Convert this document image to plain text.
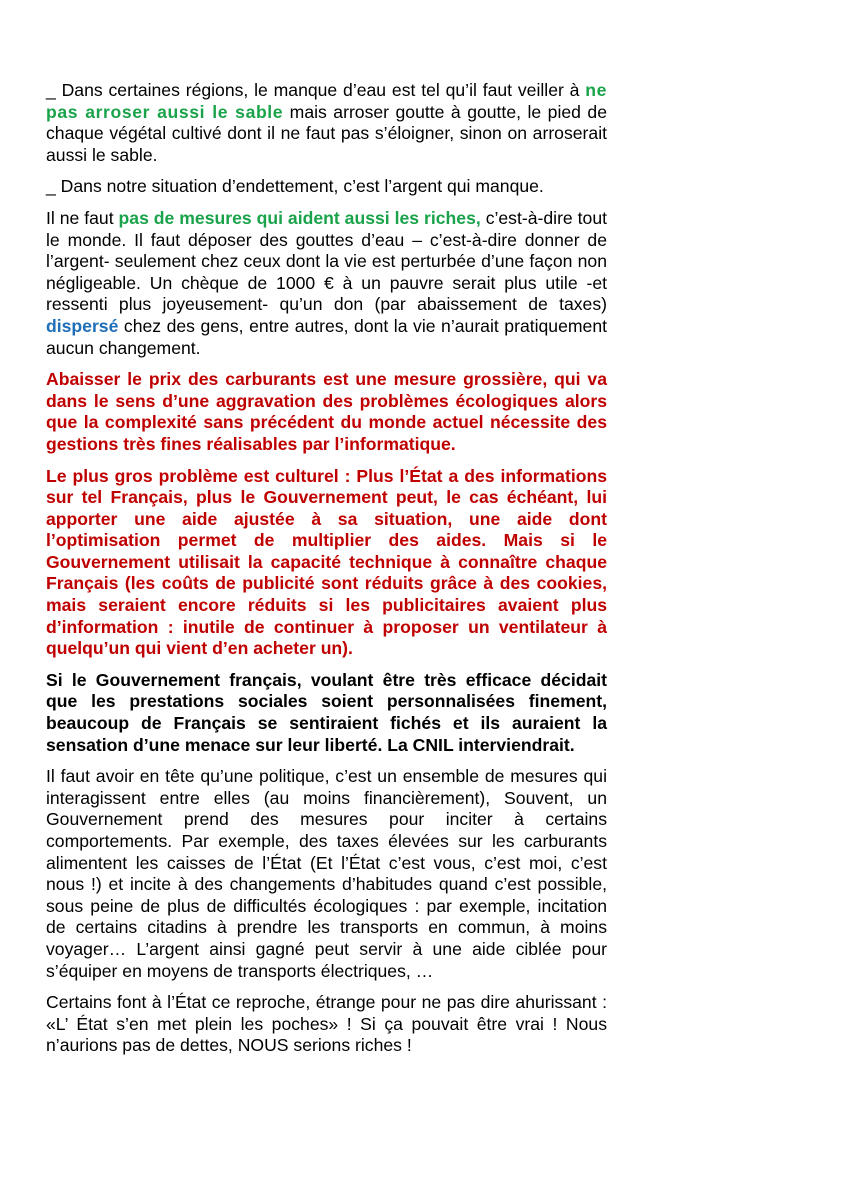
_ Dans certaines régions, le manque d’eau est tel qu’il faut veiller à ne pas arroser aussi le sable mais arroser goutte à goutte, le pied de chaque végétal cultivé dont il ne faut pas s’éloigner, sinon on arroserait aussi le sable.

_ Dans notre situation d’endettement, c’est l’argent qui manque.

Il ne faut pas de mesures qui aident aussi les riches, c’est-à-dire tout le monde. Il faut déposer des gouttes d’eau – c’est-à-dire donner de l’argent- seulement chez ceux dont la vie est perturbée d’une façon non négligeable. Un chèque de 1000 € à un pauvre serait plus utile -et ressenti plus joyeusement- qu’un don (par abaissement de taxes) dispersé chez des gens, entre autres, dont la vie n’aurait pratiquement aucun changement.

Abaisser le prix des carburants est une mesure grossière, qui va dans le sens d’une aggravation des problèmes écologiques alors que la complexité sans précédent du monde actuel nécessite des gestions très fines réalisables par l’informatique.

Le plus gros problème est culturel : Plus l’État a des informations sur tel Français, plus le Gouvernement peut, le cas échéant, lui apporter une aide ajustée à sa situation, une aide dont l’optimisation permet de multiplier des aides. Mais si le Gouvernement utilisait la capacité technique à connaître chaque Français (les coûts de publicité sont réduits grâce à des cookies, mais seraient encore réduits si les publicitaires avaient plus d’information : inutile de continuer à proposer un ventilateur à quelqu’un qui vient d’en acheter un).

Si le Gouvernement français, voulant être très efficace décidait que les prestations sociales soient personnalisées finement, beaucoup de Français se sentiraient fichés et ils auraient la sensation d’une menace sur leur liberté. La CNIL interviendrait.

Il faut avoir en tête qu’une politique, c’est un ensemble de mesures qui interagissent entre elles (au moins financièrement), Souvent, un Gouvernement prend des mesures pour inciter à certains comportements. Par exemple, des taxes élevées sur les carburants alimentent les caisses de l’État (Et l’État c’est vous, c’est moi, c’est nous !) et incite à des changements d’habitudes quand c’est possible, sous peine de plus de difficultés écologiques : par exemple, incitation de certains citadins à prendre les transports en commun, à moins voyager… L’argent ainsi gagné peut servir à une aide ciblée pour s’équiper en moyens de transports électriques, …

Certains font à l’État ce reproche, étrange pour ne pas dire ahurissant : «L’ État s’en met plein les poches» ! Si ça pouvait être vrai ! Nous n’aurions pas de dettes, NOUS serions riches !
